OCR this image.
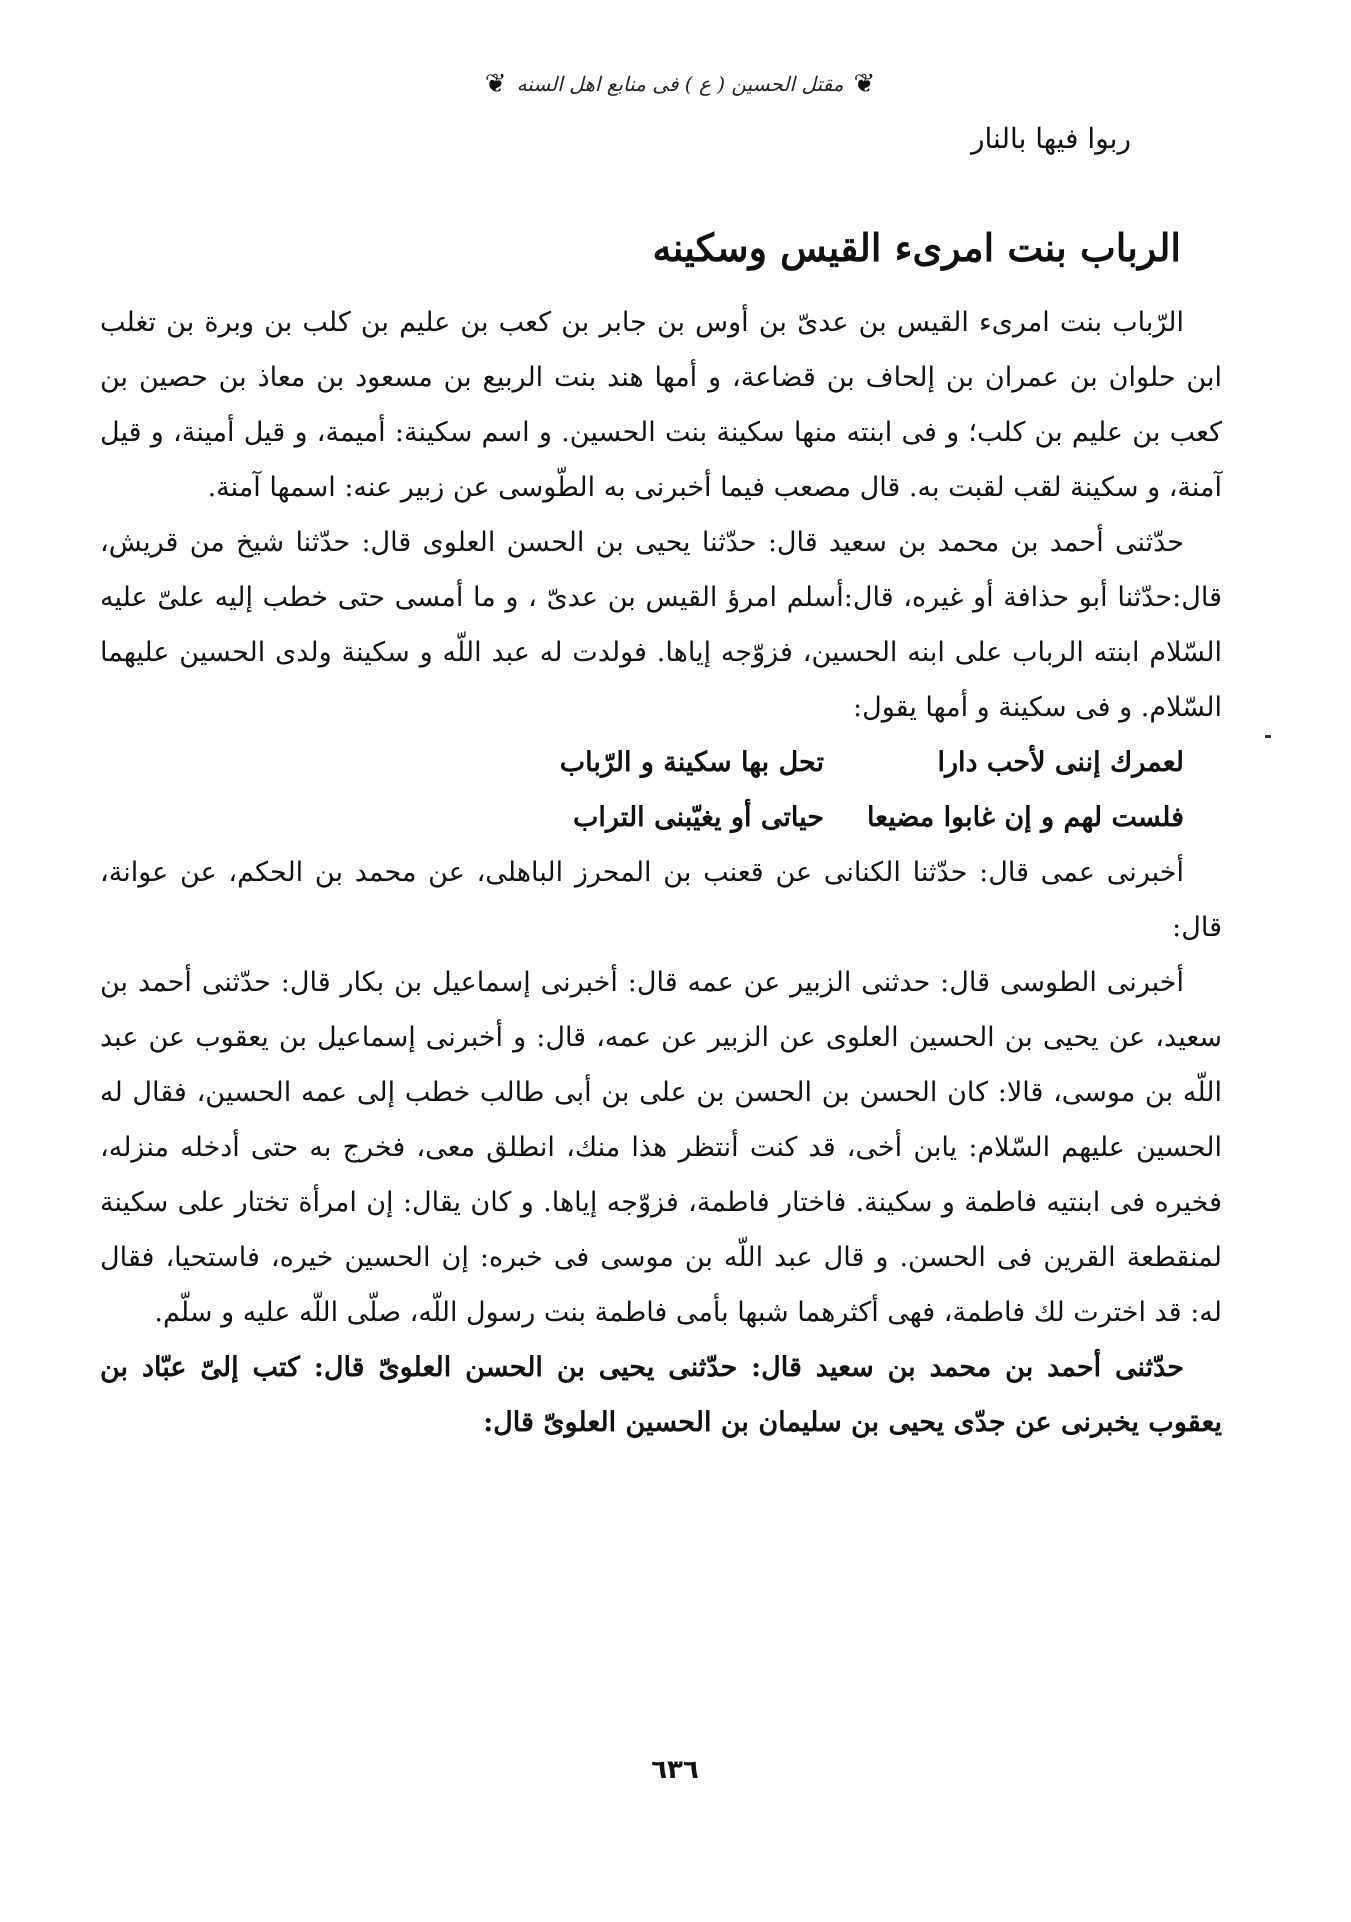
❦
مقتل الحسين ( ع ) فى منابع اهل السنه
❦
ربوا فيها بالنار
الرباب بنت امرىء القيس وسكينه

الرّباب بنت امرىء القيس بن عدىّ بن أوس بن جابر بن كعب بن عليم بن كلب بن وبرة بن تغلب ابن حلوان بن عمران بن إلحاف بن قضاعة، و أمها هند بنت الربيع بن مسعود بن معاذ بن حصين بن كعب بن عليم بن كلب؛ و فى ابنته منها سكينة بنت الحسين. و اسم سكينة: أميمة، و قيل أمينة، و قيل آمنة، و سكينة لقب لقبت به. قال مصعب فيما أخبرنى به الطّوسى عن زبير عنه: اسمها آمنة.

حدّثنى أحمد بن محمد بن سعيد قال: حدّثنا يحيى بن الحسن العلوى قال: حدّثنا شيخ من قريش، قال:حدّثنا أبو حذافة أو غيره، قال:أسلم امرؤ القيس بن عدىّ ، و ما أمسى حتى خطب إليه علىّ عليه السّلام ابنته الرباب على ابنه الحسين، فزوّجه إياها. فولدت له عبد اللّه و سكينة ولدى الحسين عليهما السّلام. و فى سكينة و أمها يقول:

لعمرك إننى لأحب دارا
تحل بها سكينة و الرّباب
فلست لهم و إن غابوا مضيعا
حياتى أو يغيّبنى التراب

أخبرنى عمى قال: حدّثنا الكنانى عن قعنب بن المحرز الباهلى، عن محمد بن الحكم، عن عوانة، قال:

أخبرنى الطوسى قال: حدثنى الزبير عن عمه قال: أخبرنى إسماعيل بن بكار قال: حدّثنى أحمد بن سعيد، عن يحيى بن الحسين العلوى عن الزبير عن عمه، قال: و أخبرنى إسماعيل بن يعقوب عن عبد اللّه بن موسى، قالا: كان الحسن بن الحسن بن على بن أبى طالب خطب إلى عمه الحسين، فقال له الحسين عليهم السّلام: يابن أخى، قد كنت أنتظر هذا منك، انطلق معى، فخرج به حتى أدخله منزله، فخيره فى ابنتيه فاطمة و سكينة. فاختار فاطمة، فزوّجه إياها. و كان يقال: إن امرأة تختار على سكينة لمنقطعة القرين فى الحسن. و قال عبد اللّه بن موسى فى خبره: إن الحسين خيره، فاستحيا، فقال له: قد اخترت لك فاطمة، فهى أكثرهما شبها بأمى فاطمة بنت رسول اللّه، صلّى اللّه عليه و سلّم.

حدّثنى أحمد بن محمد بن سعيد قال: حدّثنى يحيى بن الحسن العلوىّ قال: كتب إلىّ عبّاد بن يعقوب يخبرنى عن جدّى يحيى بن سليمان بن الحسين العلوىّ قال:

٦٣٦
